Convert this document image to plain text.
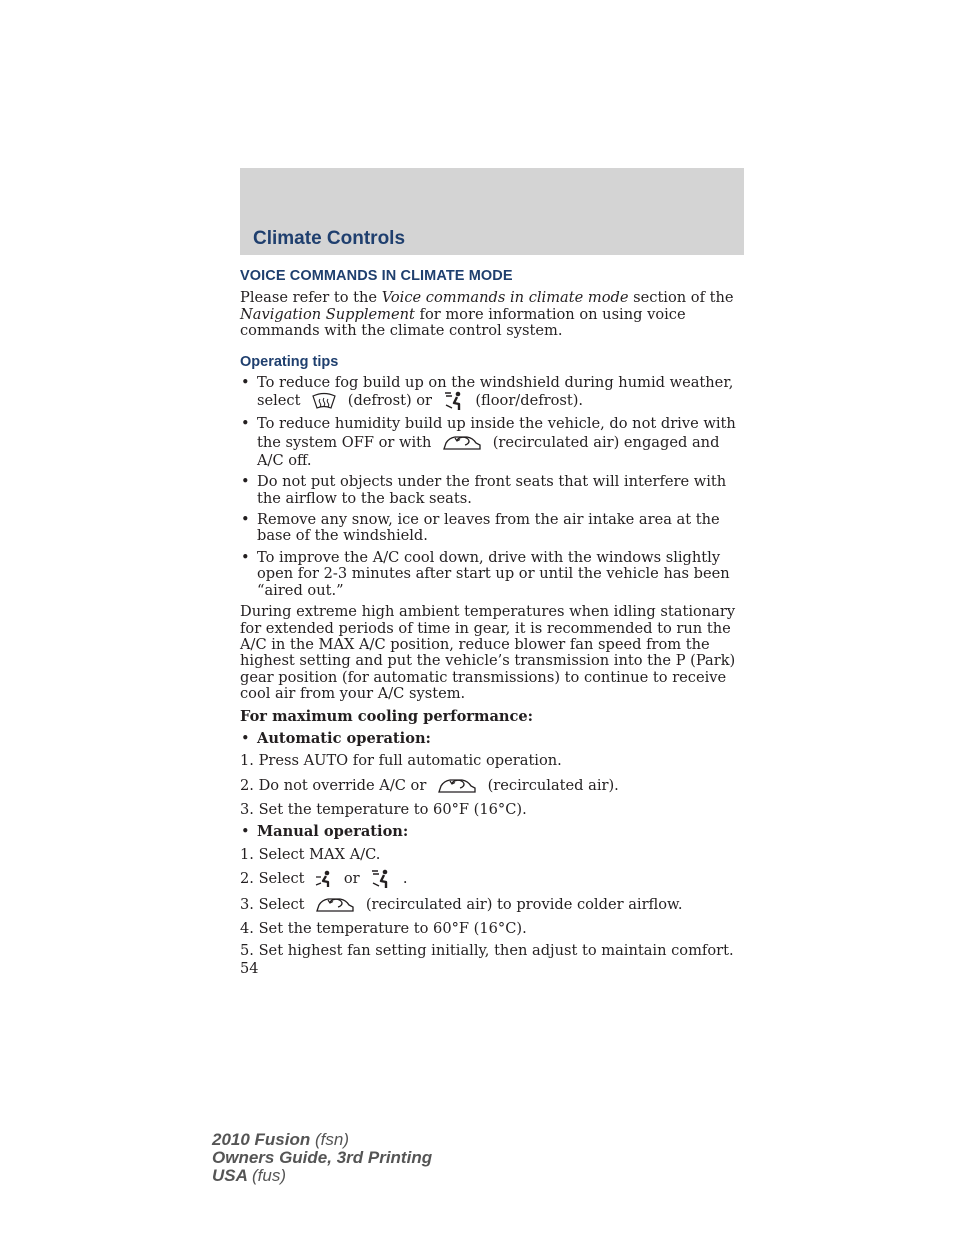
Climate Controls
VOICE COMMANDS IN CLIMATE MODE

Please refer to the Voice commands in climate mode section of the Navigation Supplement for more information on using voice commands with the climate control system.

Operating tips
• To reduce fog build up on the windshield during humid weather, select	(defrost) or	(floor/defrost).
• To reduce humidity build up inside the vehicle, do not drive with the system OFF or with	(recirculated air) engaged and A/C off.
• Do not put objects under the front seats that will interfere with the airflow to the back seats.
• Remove any snow, ice or leaves from the air intake area at the base of the windshield.
• To improve the A/C cool down, drive with the windows slightly open for 2-3 minutes after start up or until the vehicle has been “aired out.”

During extreme high ambient temperatures when idling stationary for extended periods of time in gear, it is recommended to run the A/C in the MAX A/C position, reduce blower fan speed from the highest setting and put the vehicle’s transmission into the P (Park) gear position (for automatic transmissions) to continue to receive cool air from your A/C system.

For maximum cooling performance:

• Automatic operation:

1. Press AUTO for full automatic operation.

2. Do not override A/C or	(recirculated air).

3. Set the temperature to 60°F (16°C).

• Manual operation:

1. Select MAX A/C.

2. Select	or	.

3. Select	(recirculated air) to provide colder airflow.

4. Set the temperature to 60°F (16°C).

5. Set highest fan setting initially, then adjust to maintain comfort.

54
2010 Fusion (fsn)
Owners Guide, 3rd Printing
USA (fus)
